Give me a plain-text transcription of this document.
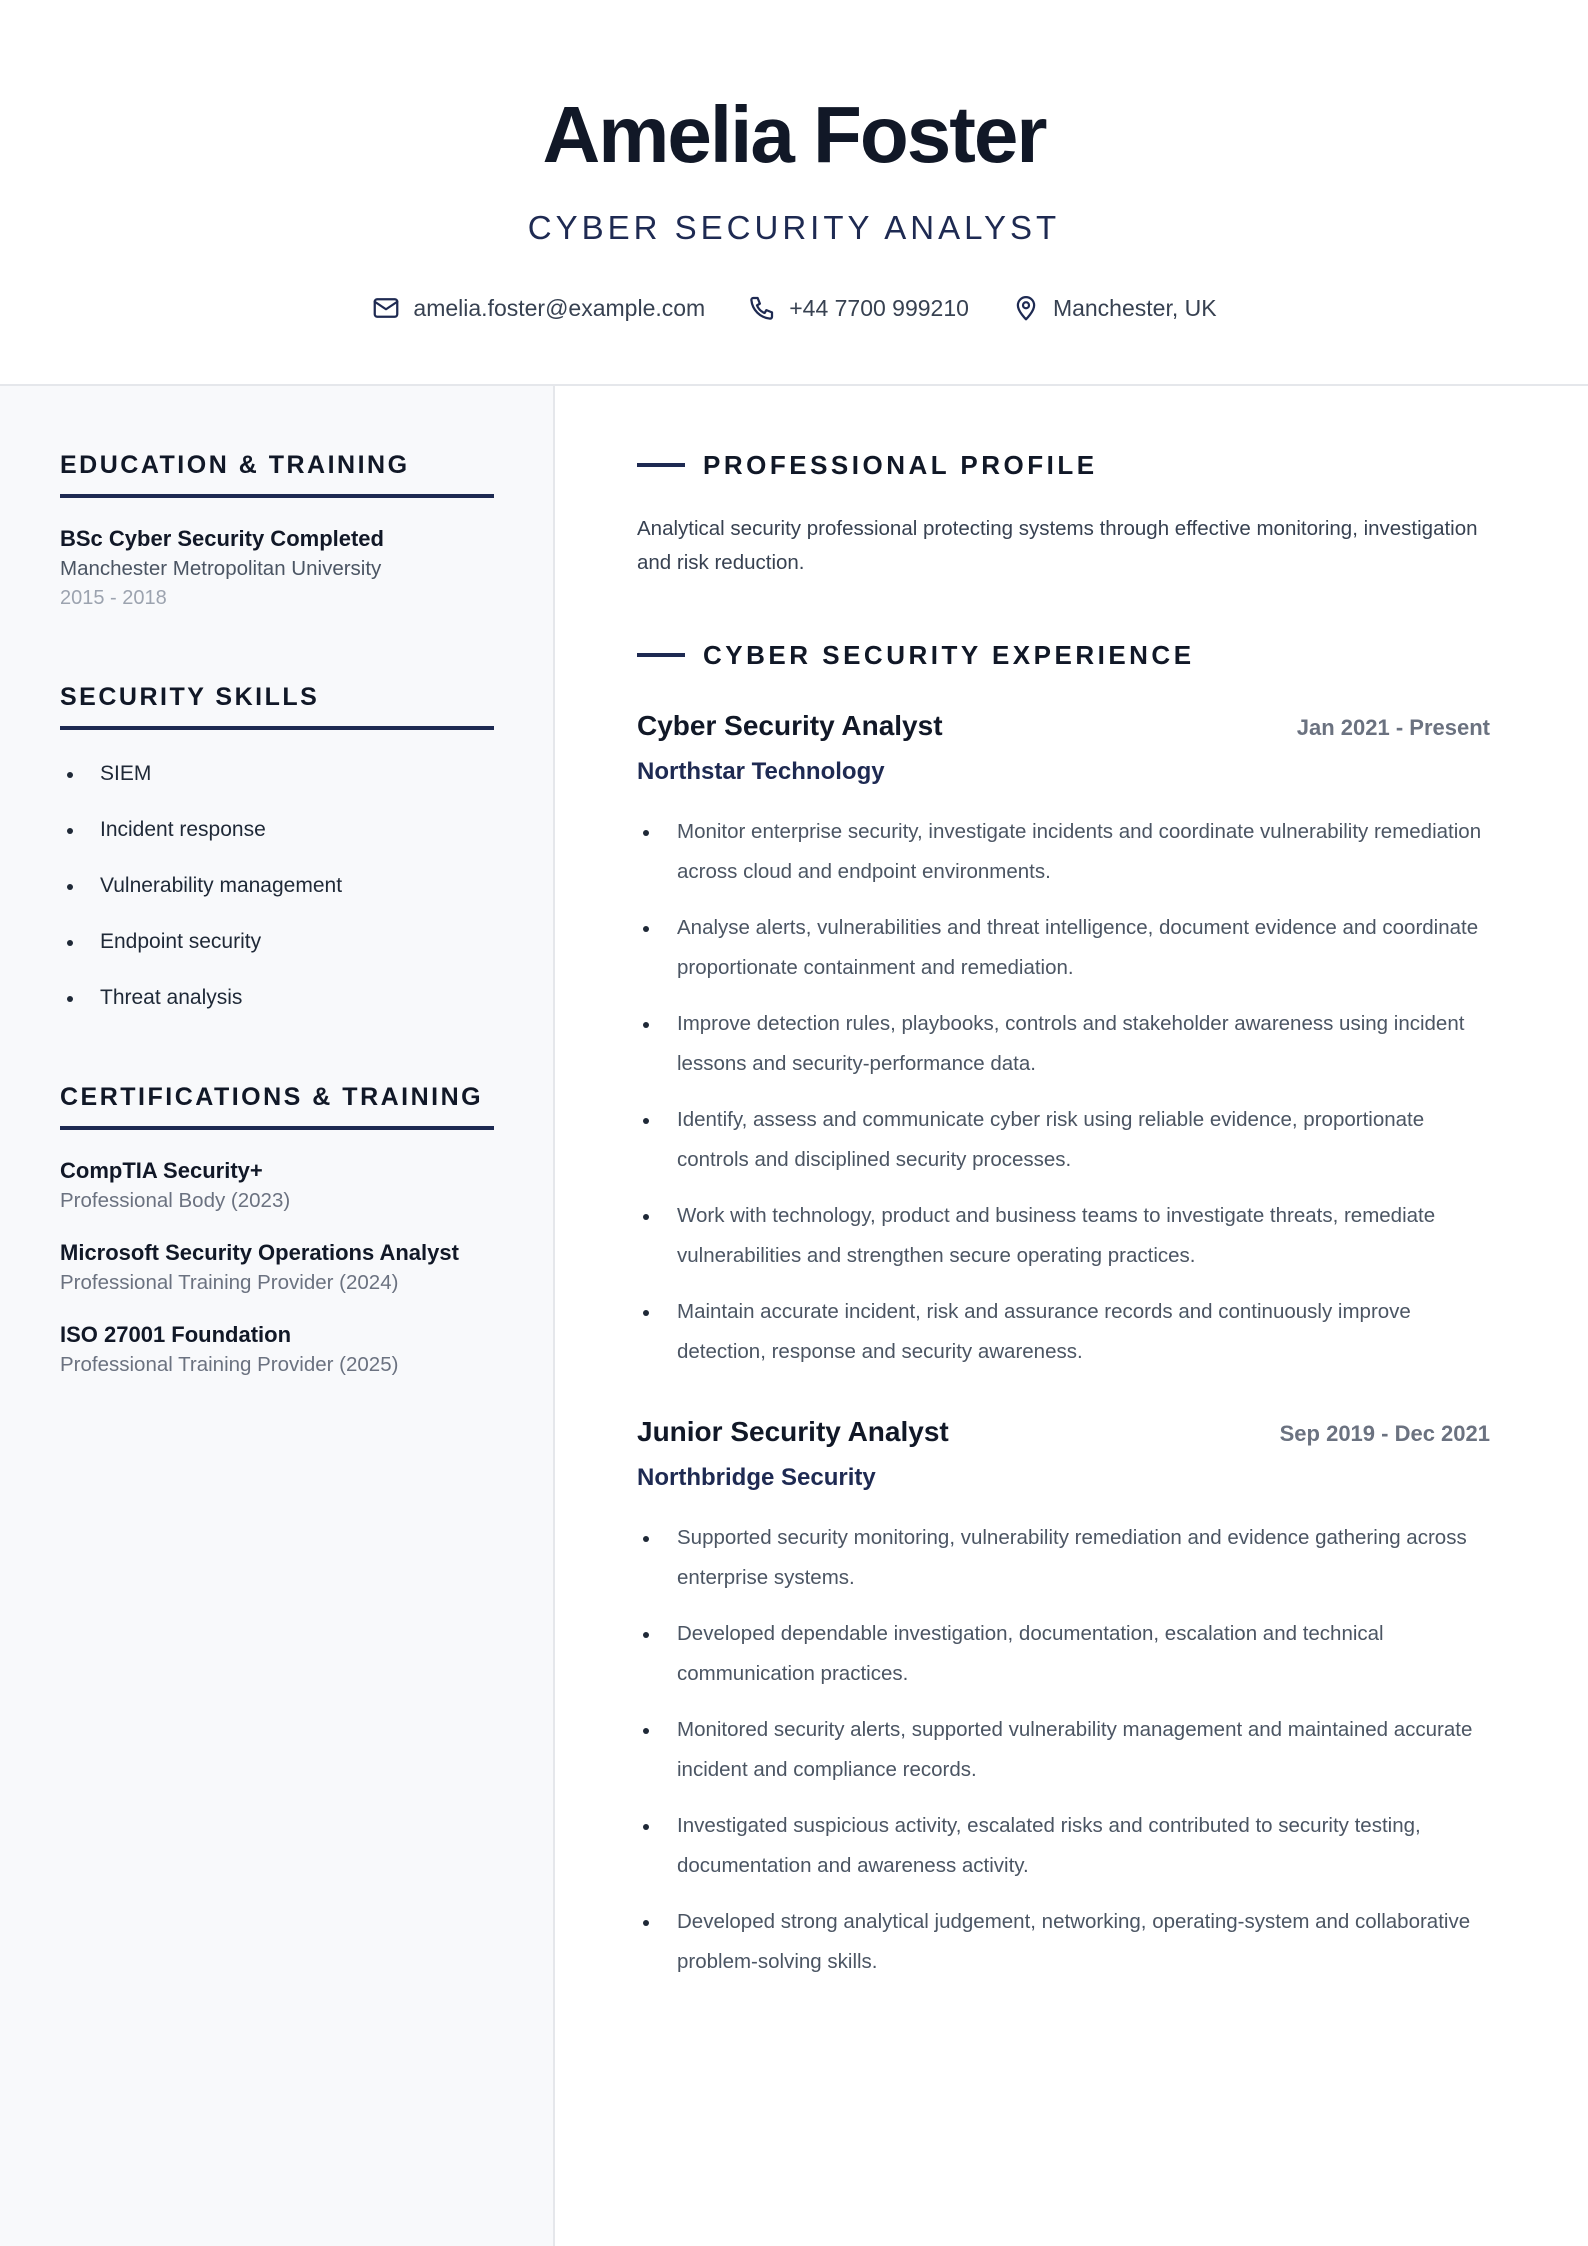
Amelia Foster
CYBER SECURITY ANALYST
amelia.foster@example.com	+44 7700 999210	Manchester, UK
EDUCATION & TRAINING
BSc Cyber Security Completed
Manchester Metropolitan University
2015 - 2018
SECURITY SKILLS
SIEM
Incident response
Vulnerability management
Endpoint security
Threat analysis
CERTIFICATIONS & TRAINING
CompTIA Security+
Professional Body (2023)
Microsoft Security Operations Analyst
Professional Training Provider (2024)
ISO 27001 Foundation
Professional Training Provider (2025)
PROFESSIONAL PROFILE
Analytical security professional protecting systems through effective monitoring, investigation and risk reduction.
CYBER SECURITY EXPERIENCE
Cyber Security Analyst	Jan 2021 - Present
Northstar Technology
Monitor enterprise security, investigate incidents and coordinate vulnerability remediation across cloud and endpoint environments.
Analyse alerts, vulnerabilities and threat intelligence, document evidence and coordinate proportionate containment and remediation.
Improve detection rules, playbooks, controls and stakeholder awareness using incident lessons and security-performance data.
Identify, assess and communicate cyber risk using reliable evidence, proportionate controls and disciplined security processes.
Work with technology, product and business teams to investigate threats, remediate vulnerabilities and strengthen secure operating practices.
Maintain accurate incident, risk and assurance records and continuously improve detection, response and security awareness.
Junior Security Analyst	Sep 2019 - Dec 2021
Northbridge Security
Supported security monitoring, vulnerability remediation and evidence gathering across enterprise systems.
Developed dependable investigation, documentation, escalation and technical communication practices.
Monitored security alerts, supported vulnerability management and maintained accurate incident and compliance records.
Investigated suspicious activity, escalated risks and contributed to security testing, documentation and awareness activity.
Developed strong analytical judgement, networking, operating-system and collaborative problem-solving skills.
